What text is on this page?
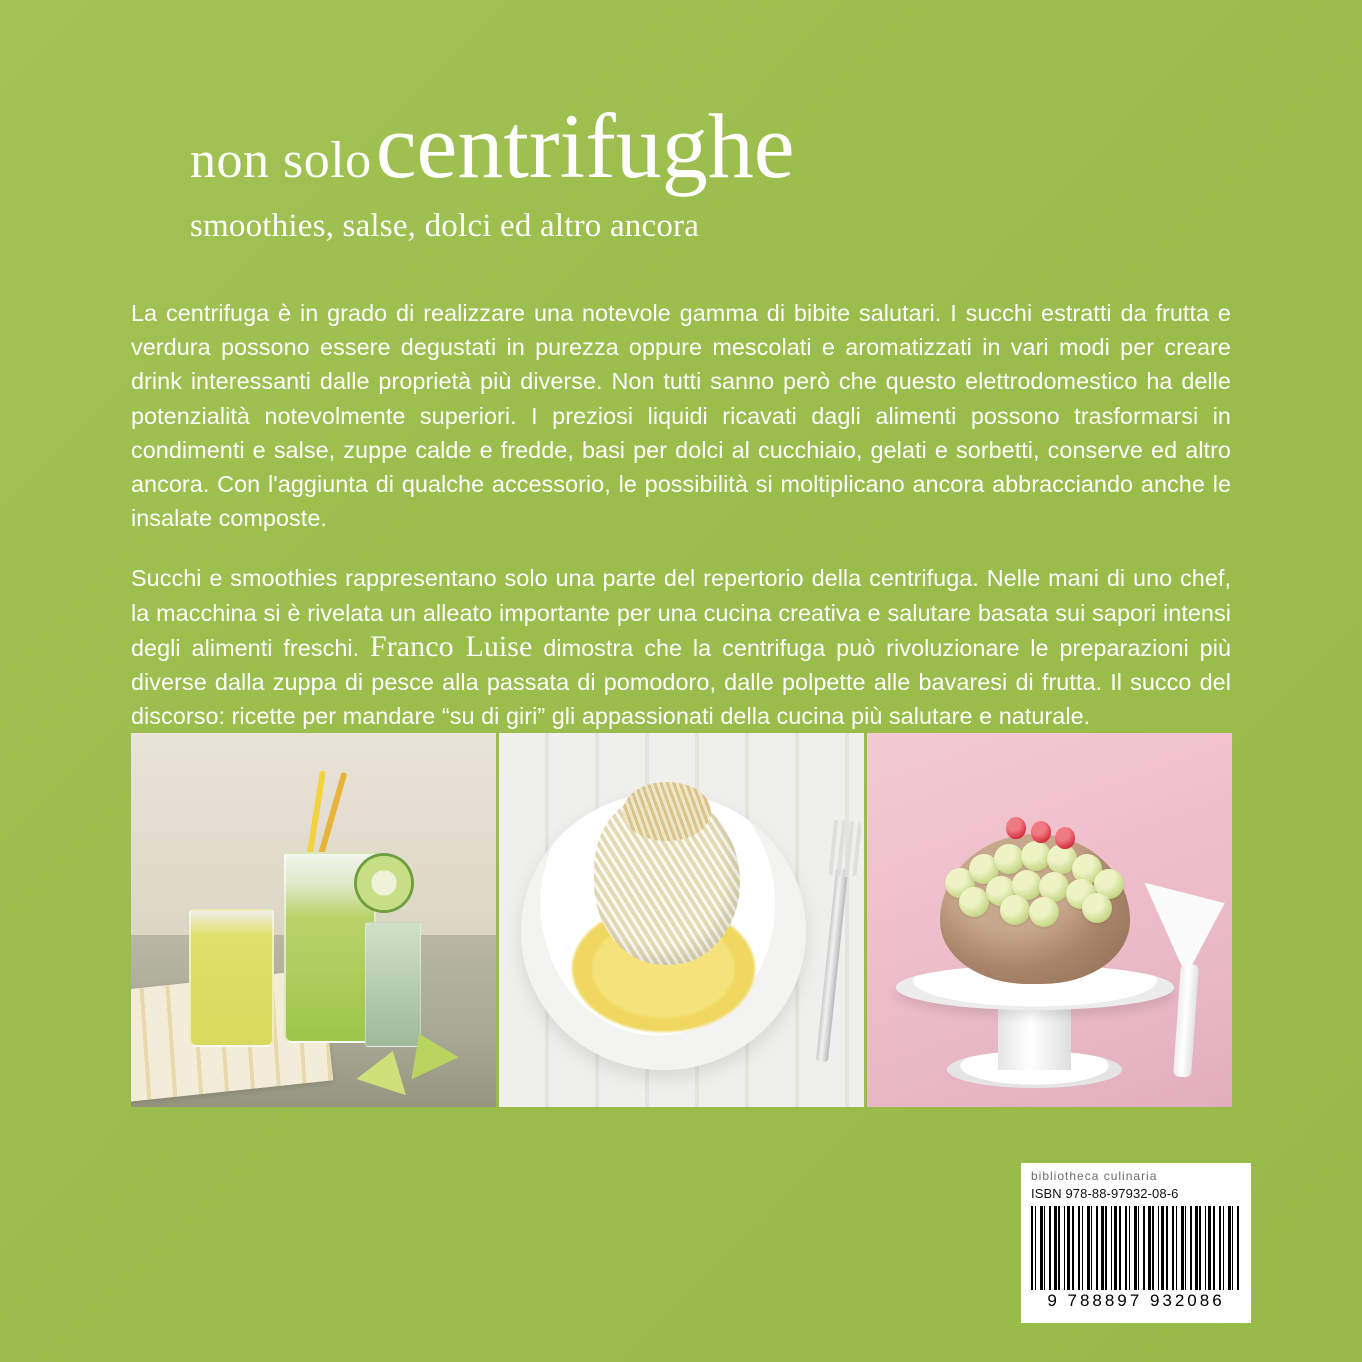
non solo centrifughe
smoothies, salse, dolci ed altro ancora

La centrifuga è in grado di realizzare una notevole gamma di bibite salutari. I succhi estratti da frutta e verdura possono essere degustati in purezza oppure mescolati e aromatizzati in vari modi per creare drink interessanti dalle proprietà più diverse. Non tutti sanno però che questo elettrodomestico ha delle potenzialità notevolmente superiori. I preziosi liquidi ricavati dagli alimenti possono trasformarsi in condimenti e salse, zuppe calde e fredde, basi per dolci al cucchiaio, gelati e sorbetti, conserve ed altro ancora. Con l'aggiunta di qualche accessorio, le possibilità si moltiplicano ancora abbracciando anche le insalate composte.

Succhi e smoothies rappresentano solo una parte del repertorio della centrifuga. Nelle mani di uno chef, la macchina si è rivelata un alleato importante per una cucina creativa e salutare basata sui sapori intensi degli alimenti freschi. Franco Luise dimostra che la centrifuga può rivoluzionare le preparazioni più diverse dalla zuppa di pesce alla passata di pomodoro, dalle polpette alle bavaresi di frutta. Il succo del discorso: ricette per mandare “su di giri” gli appassionati della cucina più salutare e naturale.

bibliotheca culinaria
ISBN 978-88-97932-08-6
9 788897 932086
